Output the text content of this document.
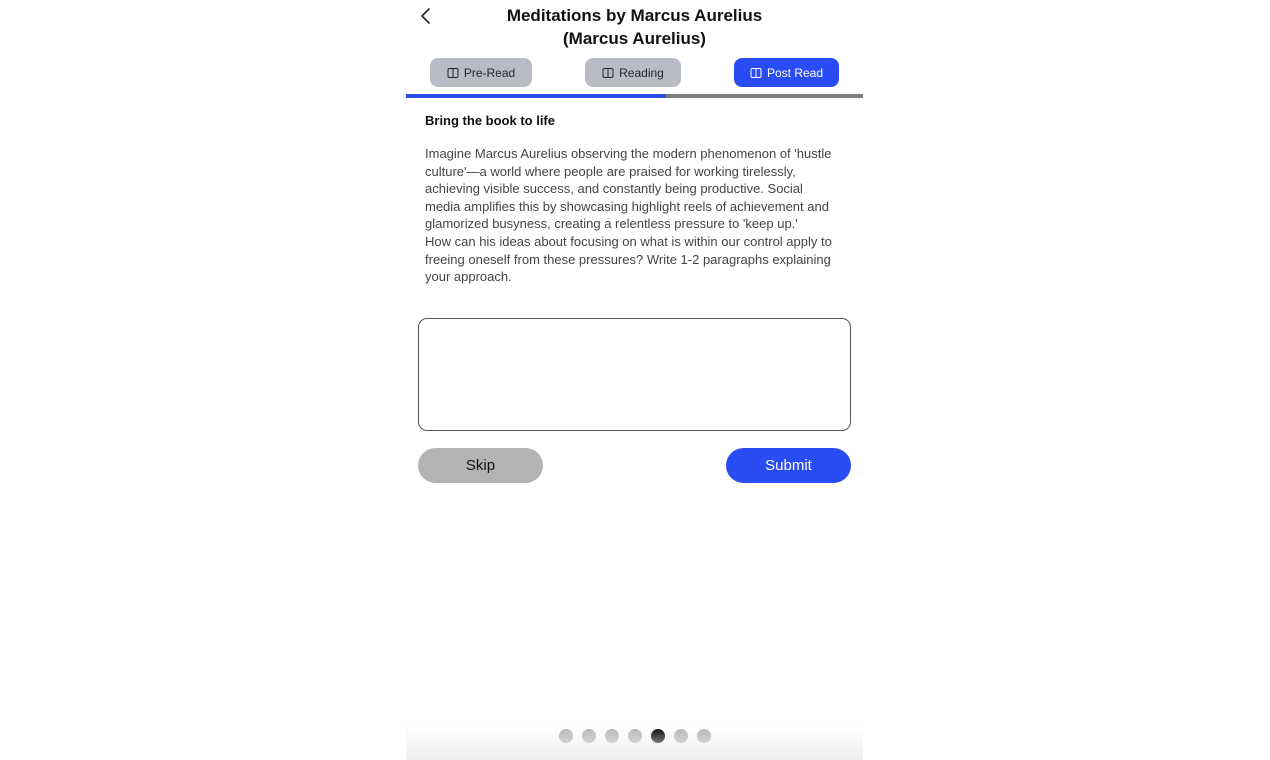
Meditations by Marcus Aurelius
(Marcus Aurelius)
Pre-Read	Reading	Post Read
Bring the book to life

Imagine Marcus Aurelius observing the modern phenomenon of 'hustle culture'—a world where people are praised for working tirelessly, achieving visible success, and constantly being productive. Social media amplifies this by showcasing highlight reels of achievement and glamorized busyness, creating a relentless pressure to 'keep up.'

How can his ideas about focusing on what is within our control apply to freeing oneself from these pressures? Write 1-2 paragraphs explaining your approach.

Skip	Submit
